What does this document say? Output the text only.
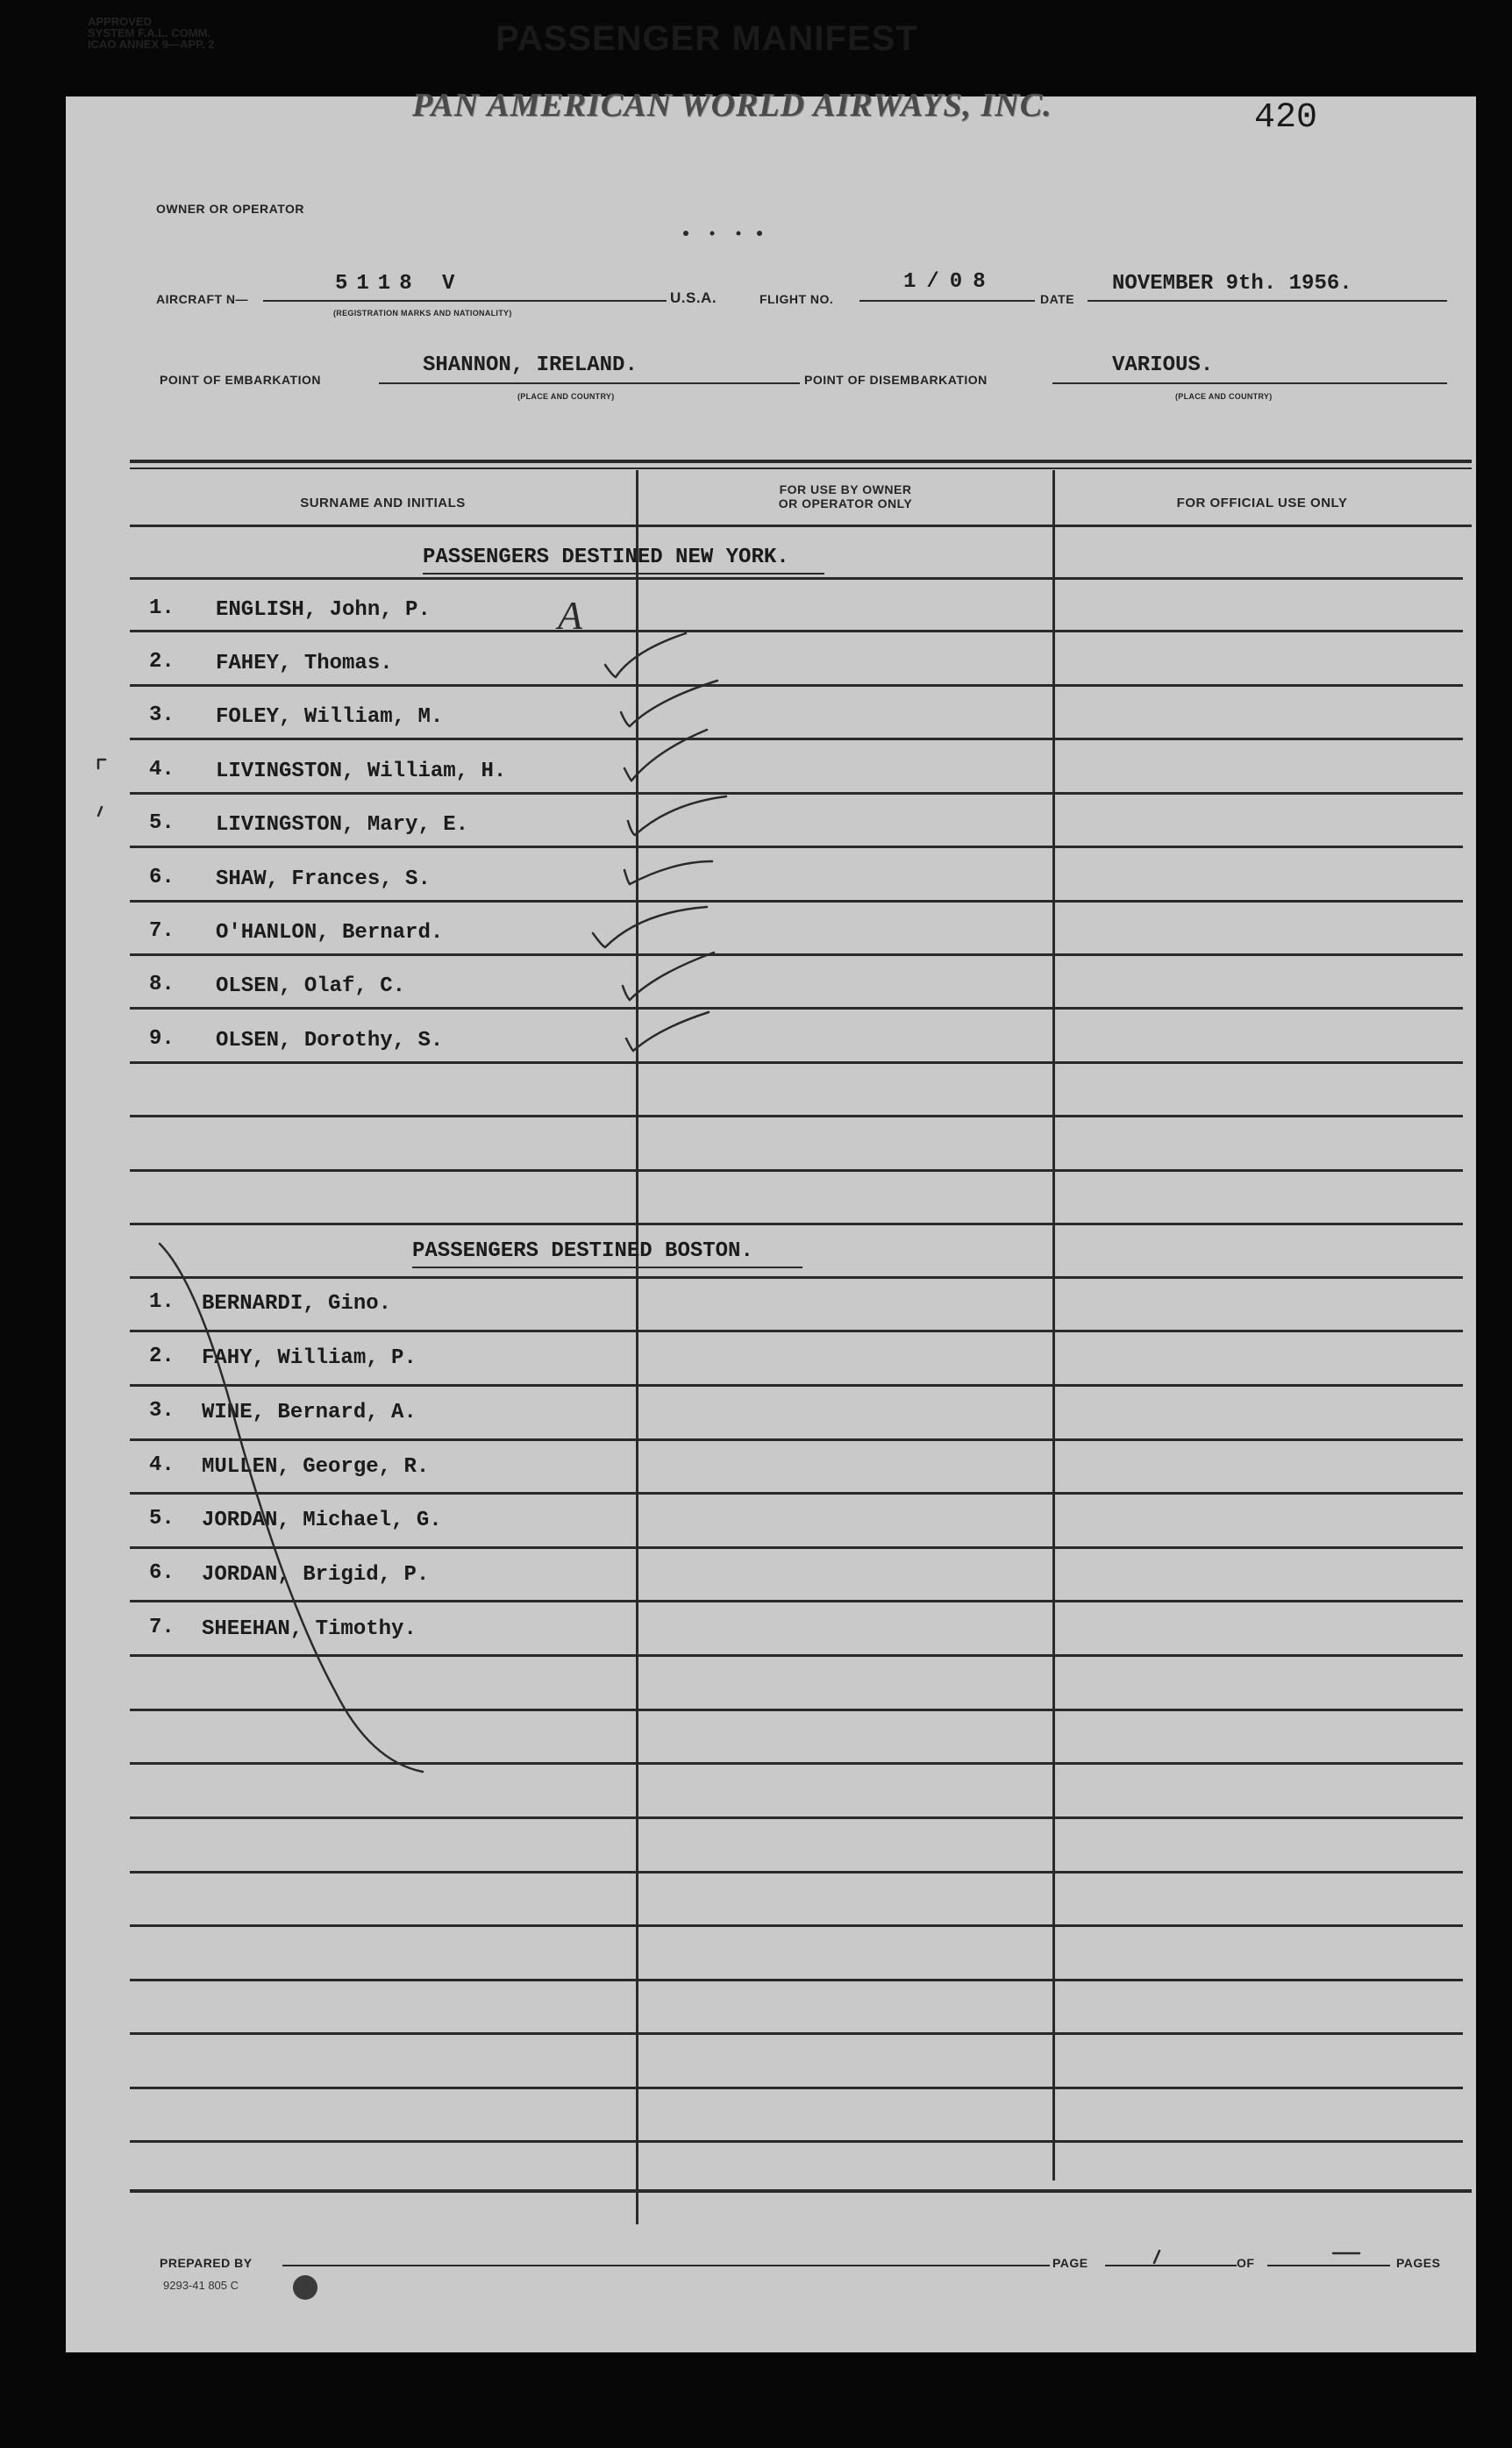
APPROVED
SYSTEM F.A.L. COMM.
ICAO ANNEX 9—APP. 2	PASSENGER MANIFEST
OWNER OR OPERATOR
PAN AMERICAN WORLD AIRWAYS, INC.	420
AIRCRAFT N—
5118 V
(REGISTRATION MARKS AND NATIONALITY)
U.S.A.	FLIGHT NO.
1/08
DATE
NOVEMBER 9th. 1956.
POINT OF EMBARKATION
SHANNON, IRELAND.
(PLACE AND COUNTRY)
POINT OF DISEMBARKATION
VARIOUS.
(PLACE AND COUNTRY)
SURNAME AND INITIALS
FOR USE BY OWNER
OR OPERATOR ONLY	FOR OFFICIAL USE ONLY
PASSENGERS DESTINED NEW YORK.
PASSENGERS DESTINED BOSTON.
1. ENGLISH, John, P.
2. FAHEY, Thomas.
3. FOLEY, William, M.
4. LIVINGSTON, William, H.
5. LIVINGSTON, Mary, E.
6. SHAW, Frances, S.
7. O'HANLON, Bernard.
8. OLSEN, Olaf, C.
9. OLSEN, Dorothy, S.
1. BERNARDI, Gino.
2. FAHY, William, P.
3. WINE, Bernard, A.
4. MULLEN, George, R.
5. JORDAN, Michael, G.
6. JORDAN, Brigid, P.
7. SHEEHAN, Timothy.
A
PREPARED BY	PAGE	OF	PAGES
9293-41 805 C
